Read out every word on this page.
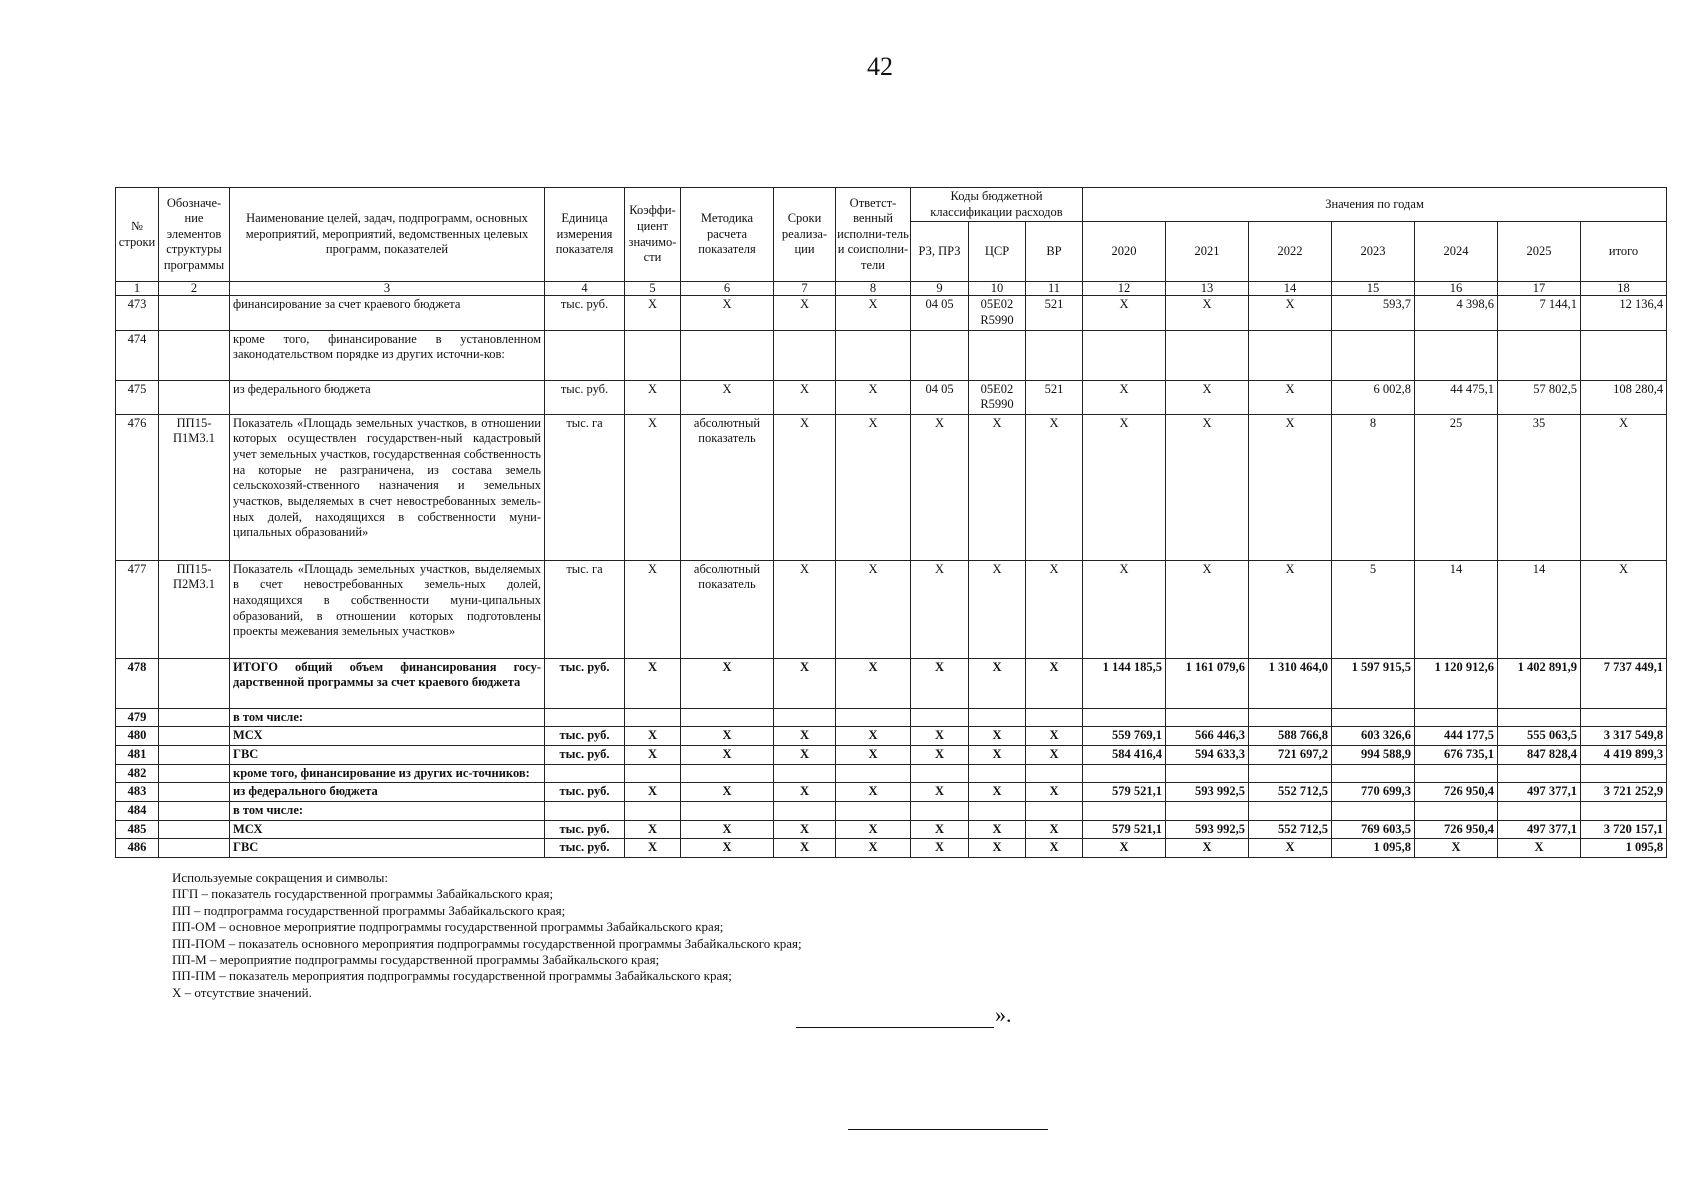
42
№ строки	Обозначе-ние элементов структуры программы	Наименование целей, задач, подпрограмм, основных мероприятий, мероприятий, ведомственных целевых программ, показателей	Единица измерения показателя	Коэффи-циент значимо-сти	Методика расчета показателя	Сроки реализа-ции	Ответст-венный исполни-тель и соисполни-тели	Коды бюджетной классификации расходов			Значения по годам						
								РЗ, ПРЗ	ЦСР	ВР	2020	2021	2022	2023	2024	2025	итого
1	2	3	4	5	6	7	8	9	10	11	12	13	14	15	16	17	18
473		финансирование за счет краевого бюджета	тыс. руб.	Х	Х	Х	Х	04 05	05Е02 R5990	521	Х	Х	Х	593,7	4 398,6	7 144,1	12 136,4
474		кроме того, финансирование в установленном законодательством порядке из других источни-ков:															
475		из федерального бюджета	тыс. руб.	Х	Х	Х	Х	04 05	05Е02 R5990	521	Х	Х	Х	6 002,8	44 475,1	57 802,5	108 280,4
476	ПП15-П1М3.1	Показатель «Площадь земельных участков, в отношении которых осуществлен государствен-ный кадастровый учет земельных участков, государственная собственность на которые не разграничена, из состава земель сельскохозяй-ственного назначения и земельных участков, выделяемых в счет невостребованных земель-ных долей, находящихся в собственности муни-ципальных образований»	тыс. га	Х	абсолютный показатель	Х	Х	Х	Х	Х	Х	Х	Х	8	25	35	Х
477	ПП15-П2М3.1	Показатель «Площадь земельных участков, выделяемых в счет невостребованных земель-ных долей, находящихся в собственности муни-ципальных образований, в отношении которых подготовлены проекты межевания земельных участков»	тыс. га	Х	абсолютный показатель	Х	Х	Х	Х	Х	Х	Х	Х	5	14	14	Х
478		ИТОГО общий объем финансирования госу-дарственной программы за счет краевого бюджета	тыс. руб.	Х	Х	Х	Х	Х	Х	Х	1 144 185,5	1 161 079,6	1 310 464,0	1 597 915,5	1 120 912,6	1 402 891,9	7 737 449,1
479		в том числе:															
480		МСХ	тыс. руб.	Х	Х	Х	Х	Х	Х	Х	559 769,1	566 446,3	588 766,8	603 326,6	444 177,5	555 063,5	3 317 549,8
481		ГВС	тыс. руб.	Х	Х	Х	Х	Х	Х	Х	584 416,4	594 633,3	721 697,2	994 588,9	676 735,1	847 828,4	4 419 899,3
482		кроме того, финансирование из других ис-точников:															
483		из федерального бюджета	тыс. руб.	Х	Х	Х	Х	Х	Х	Х	579 521,1	593 992,5	552 712,5	770 699,3	726 950,4	497 377,1	3 721 252,9
484		в том числе:															
485		МСХ	тыс. руб.	Х	Х	Х	Х	Х	Х	Х	579 521,1	593 992,5	552 712,5	769 603,5	726 950,4	497 377,1	3 720 157,1
486		ГВС	тыс. руб.	Х	Х	Х	Х	Х	Х	Х	Х	Х	Х	1 095,8	Х	Х	1 095,8
Используемые сокращения и символы:
ПГП – показатель государственной программы Забайкальского края;
ПП – подпрограмма государственной программы Забайкальского края;
ПП-ОМ – основное мероприятие подпрограммы государственной программы Забайкальского края;
ПП-ПОМ – показатель основного мероприятия подпрограммы государственной программы Забайкальского края;
ПП-М – мероприятие подпрограммы государственной программы Забайкальского края;
ПП-ПМ – показатель мероприятия подпрограммы государственной программы Забайкальского края;
Х – отсутствие значений.
».
